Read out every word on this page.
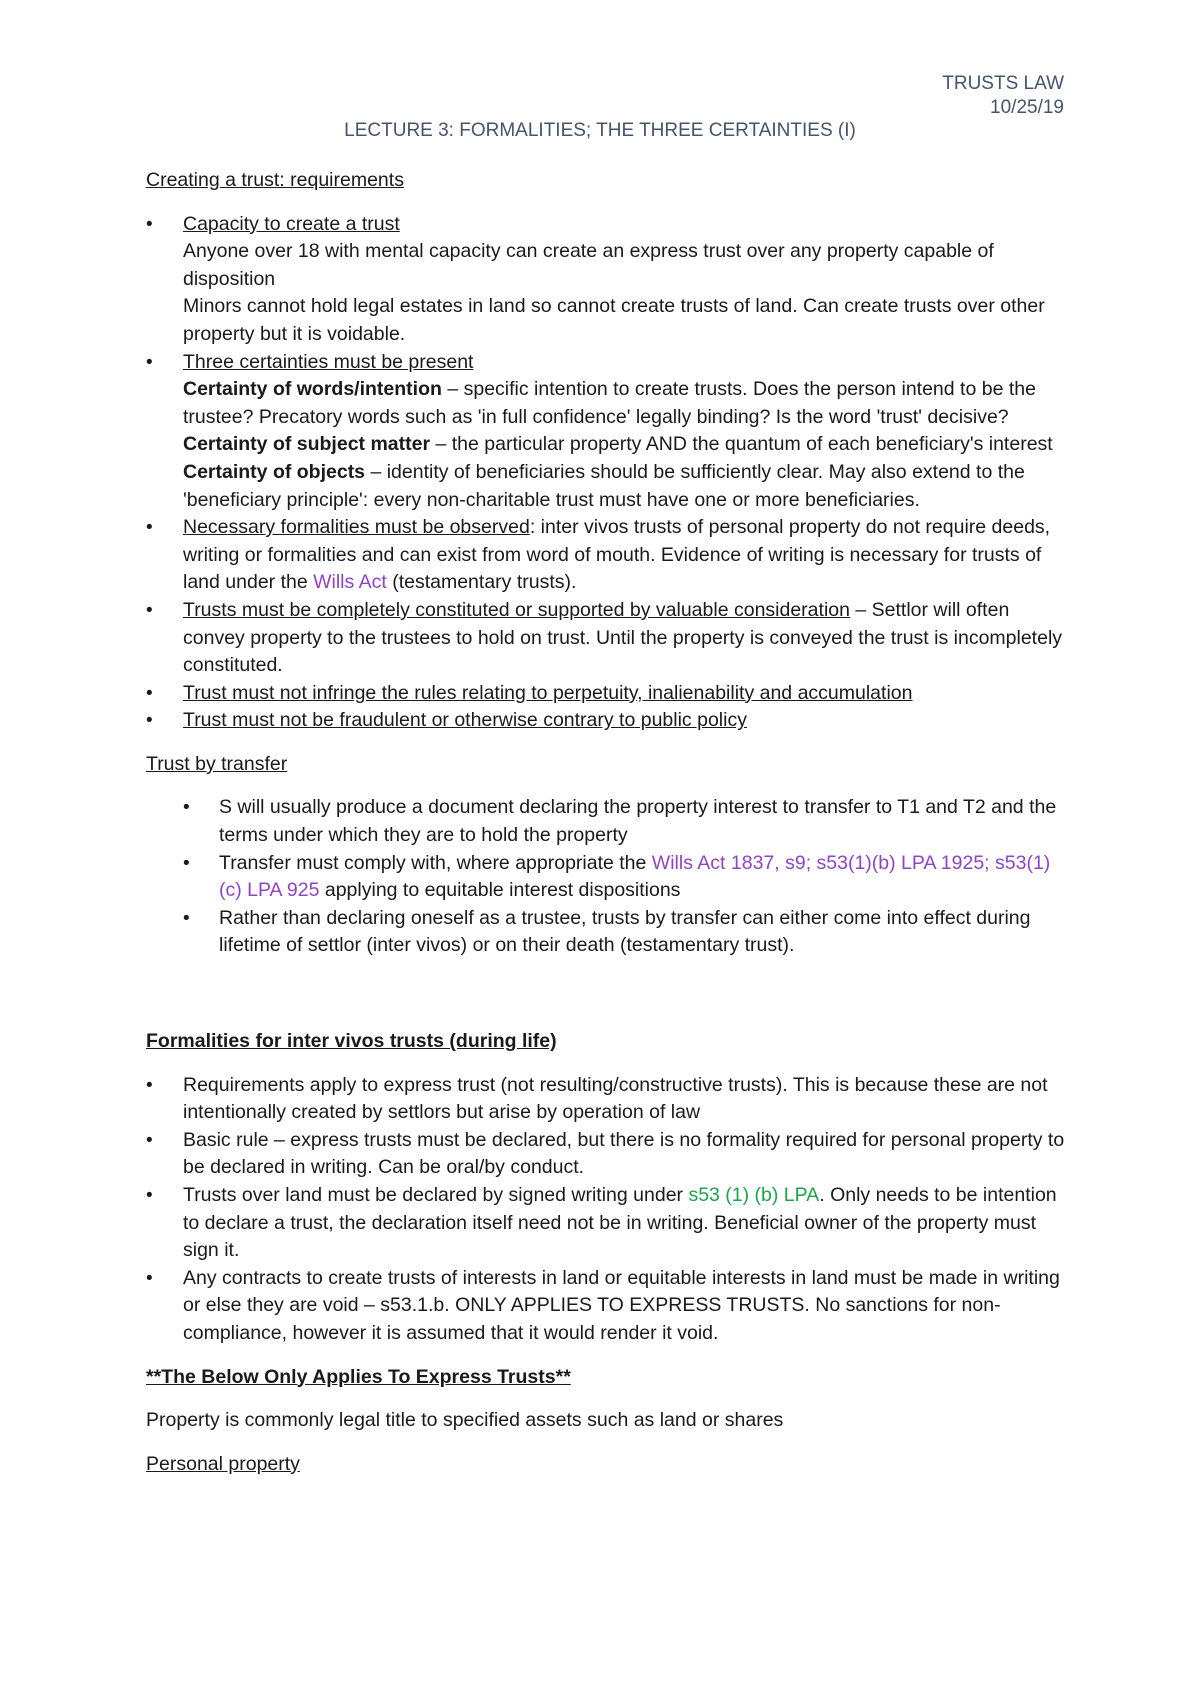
TRUSTS LAW
10/25/19
LECTURE 3: FORMALITIES; THE THREE CERTAINTIES (I)

Creating a trust: requirements

• Capacity to create a trust
Anyone over 18 with mental capacity can create an express trust over any property capable of disposition
Minors cannot hold legal estates in land so cannot create trusts of land. Can create trusts over other property but it is voidable.
• Three certainties must be present
Certainty of words/intention – specific intention to create trusts. Does the person intend to be the trustee? Precatory words such as 'in full confidence' legally binding? Is the word 'trust' decisive?
Certainty of subject matter – the particular property AND the quantum of each beneficiary's interest
Certainty of objects – identity of beneficiaries should be sufficiently clear. May also extend to the 'beneficiary principle': every non-charitable trust must have one or more beneficiaries.
• Necessary formalities must be observed: inter vivos trusts of personal property do not require deeds, writing or formalities and can exist from word of mouth. Evidence of writing is necessary for trusts of land under the Wills Act (testamentary trusts).
• Trusts must be completely constituted or supported by valuable consideration – Settlor will often convey property to the trustees to hold on trust. Until the property is conveyed the trust is incompletely constituted.
• Trust must not infringe the rules relating to perpetuity, inalienability and accumulation
• Trust must not be fraudulent or otherwise contrary to public policy

Trust by transfer

• S will usually produce a document declaring the property interest to transfer to T1 and T2 and the terms under which they are to hold the property
• Transfer must comply with, where appropriate the Wills Act 1837, s9; s53(1)(b) LPA 1925; s53(1)(c) LPA 925 applying to equitable interest dispositions
• Rather than declaring oneself as a trustee, trusts by transfer can either come into effect during lifetime of settlor (inter vivos) or on their death (testamentary trust).

Formalities for inter vivos trusts (during life)

• Requirements apply to express trust (not resulting/constructive trusts). This is because these are not intentionally created by settlors but arise by operation of law
• Basic rule – express trusts must be declared, but there is no formality required for personal property to be declared in writing. Can be oral/by conduct.
• Trusts over land must be declared by signed writing under s53 (1) (b) LPA. Only needs to be intention to declare a trust, the declaration itself need not be in writing. Beneficial owner of the property must sign it.
• Any contracts to create trusts of interests in land or equitable interests in land must be made in writing or else they are void – s53.1.b. ONLY APPLIES TO EXPRESS TRUSTS. No sanctions for non-compliance, however it is assumed that it would render it void.

**The Below Only Applies To Express Trusts**

Property is commonly legal title to specified assets such as land or shares

Personal property
